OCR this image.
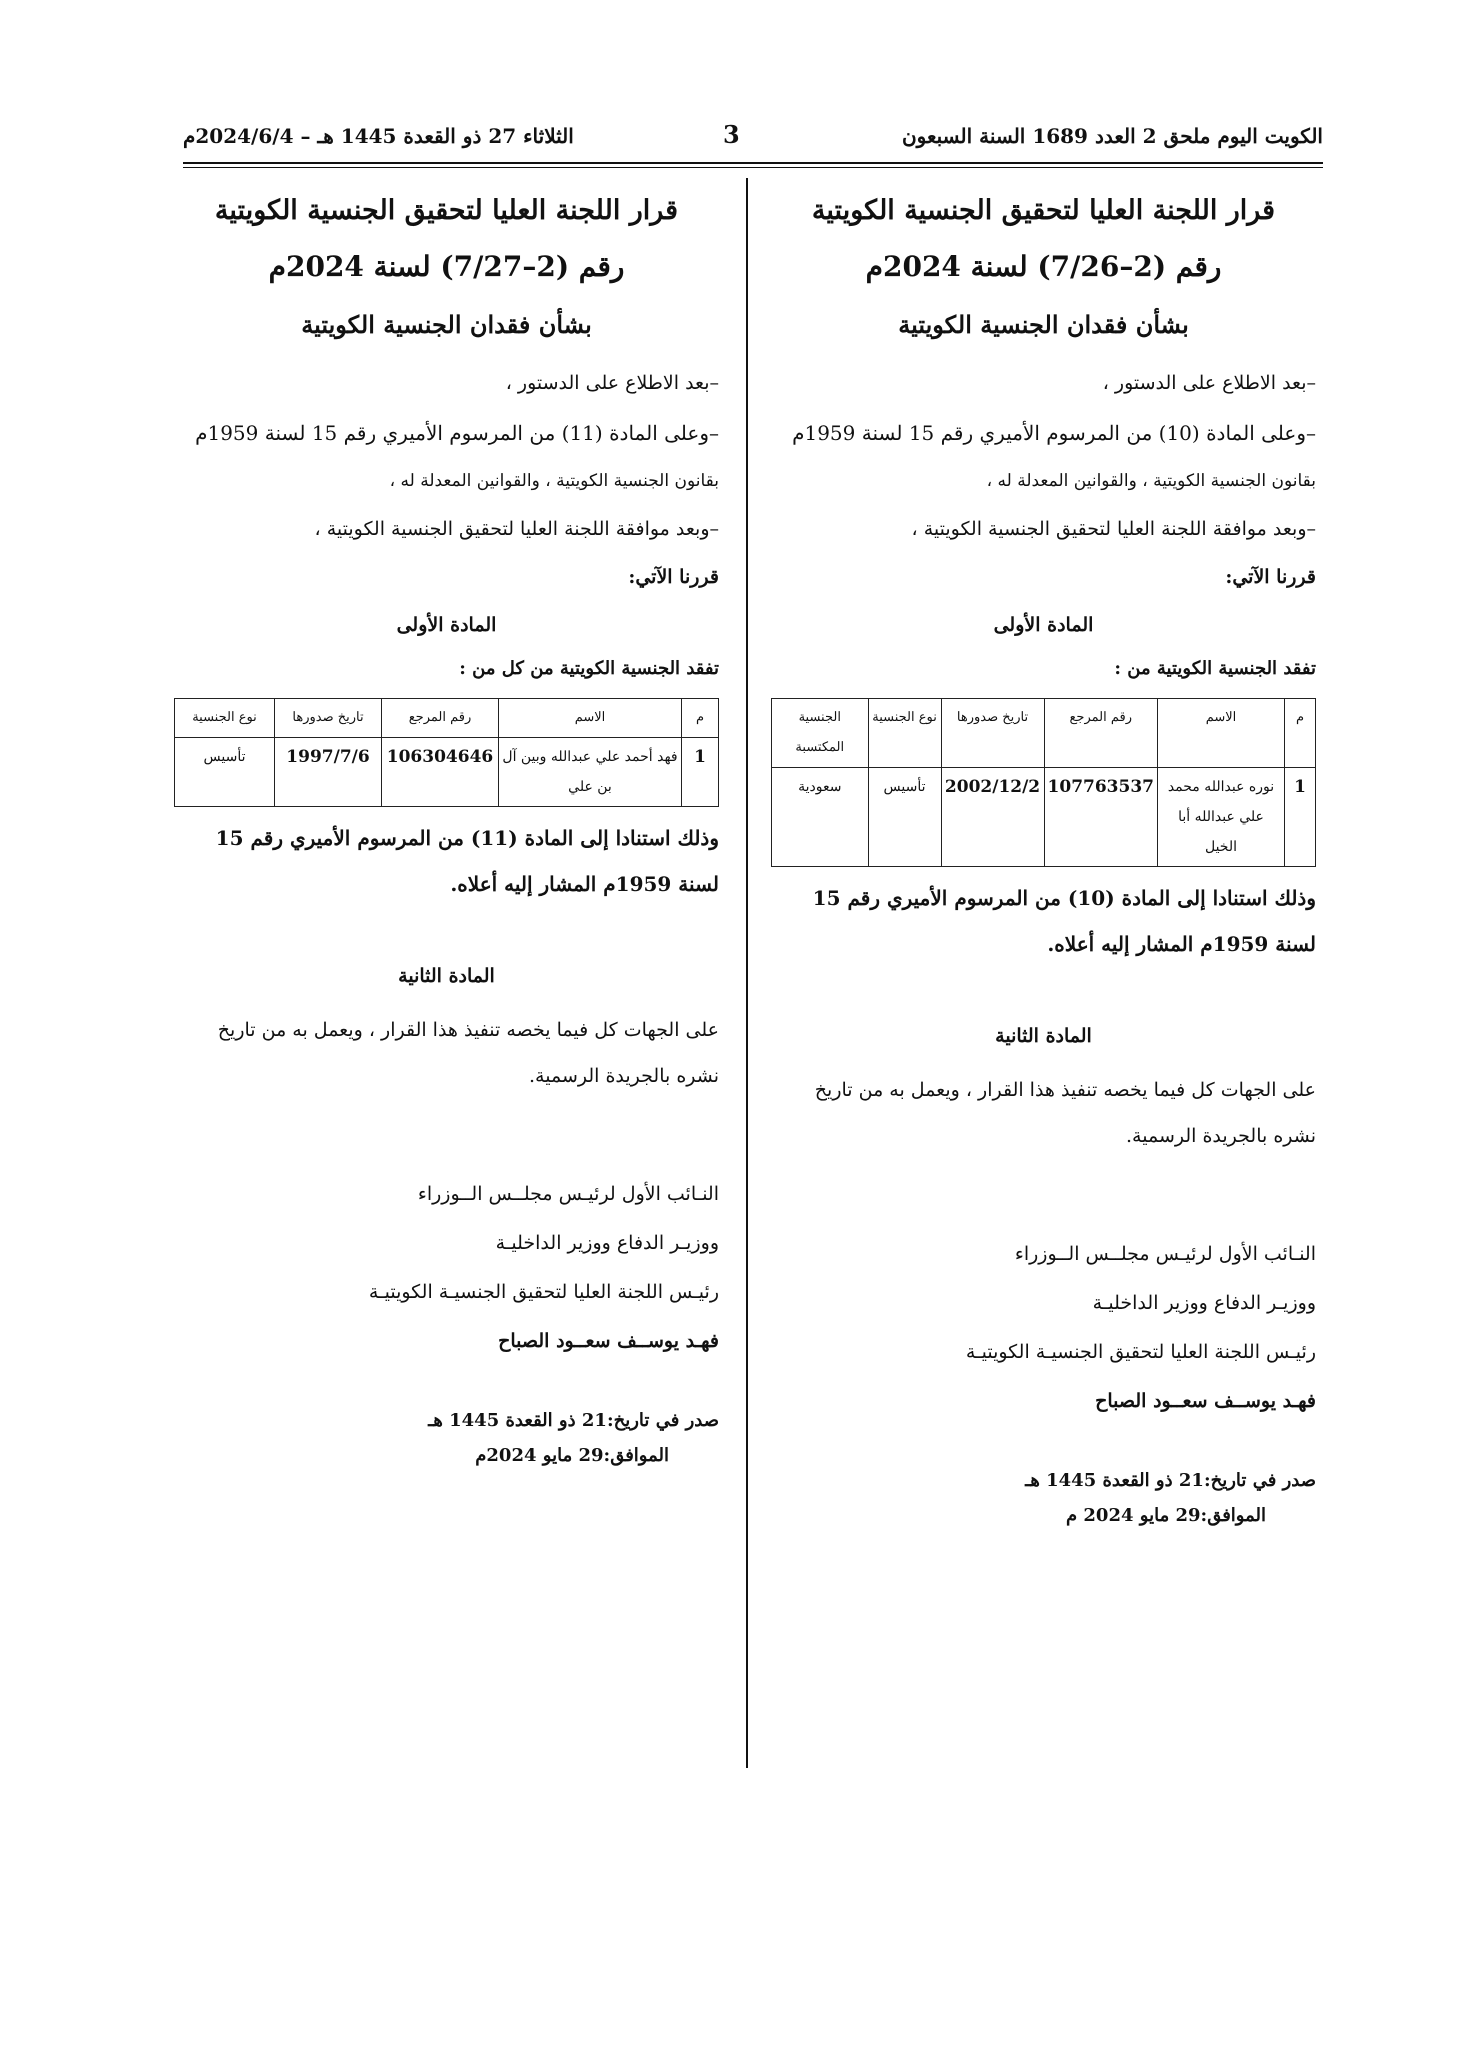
الكويت اليوم ملحق 2 العدد 1689 السنة السبعون
3
الثلاثاء 27 ذو القعدة 1445 هـ – 2024/6/4م

قرار اللجنة العليا لتحقيق الجنسية الكويتية

رقم (2–7/26) لسنة 2024م

بشأن فقدان الجنسية الكويتية

–بعد الاطلاع على الدستور ،

–وعلى المادة (10) من المرسوم الأميري رقم 15 لسنة 1959م

بقانون الجنسية الكويتية ، والقوانين المعدلة له ،

–وبعد موافقة اللجنة العليا لتحقيق الجنسية الكويتية ،

قررنا الآتي:

المادة الأولى

تفقد الجنسية الكويتية من :

م	الاسم	رقم المرجع	تاريخ صدورها	نوع الجنسية	الجنسية المكتسبة
1	نوره عبدالله محمد علي عبدالله أبا الخيل	107763537	2002/12/2	تأسيس	سعودية

وذلك استنادا إلى المادة (10) من المرسوم الأميري رقم 15 لسنة 1959م المشار إليه أعلاه.

المادة الثانية

على الجهات كل فيما يخصه تنفيذ هذا القرار ، ويعمل به من تاريخ نشره بالجريدة الرسمية.

النـائب الأول لرئيـس مجلــس الــوزراء

ووزيـر الدفاع ووزير الداخليـة

رئيـس اللجنة العليا لتحقيق الجنسيـة الكويتيـة

فهـد يوســف سعــود الصباح

صدر في تاريخ:21 ذو القعدة 1445 هـ

الموافق:29 مايو 2024 م

قرار اللجنة العليا لتحقيق الجنسية الكويتية

رقم (2–7/27) لسنة 2024م

بشأن فقدان الجنسية الكويتية

–بعد الاطلاع على الدستور ،

–وعلى المادة (11) من المرسوم الأميري رقم 15 لسنة 1959م

بقانون الجنسية الكويتية ، والقوانين المعدلة له ،

–وبعد موافقة اللجنة العليا لتحقيق الجنسية الكويتية ،

قررنا الآتي:

المادة الأولى

تفقد الجنسية الكويتية من كل من :

م	الاسم	رقم المرجع	تاريخ صدورها	نوع الجنسية
1	فهد أحمد علي عبدالله وبين آل بن علي	106304646	1997/7/6	تأسيس

وذلك استنادا إلى المادة (11) من المرسوم الأميري رقم 15 لسنة 1959م المشار إليه أعلاه.

المادة الثانية

على الجهات كل فيما يخصه تنفيذ هذا القرار ، ويعمل به من تاريخ نشره بالجريدة الرسمية.

النـائب الأول لرئيـس مجلــس الــوزراء

ووزيـر الدفاع ووزير الداخليـة

رئيـس اللجنة العليا لتحقيق الجنسيـة الكويتيـة

فهـد يوســف سعــود الصباح

صدر في تاريخ:21 ذو القعدة 1445 هـ

الموافق:29 مايو 2024م
